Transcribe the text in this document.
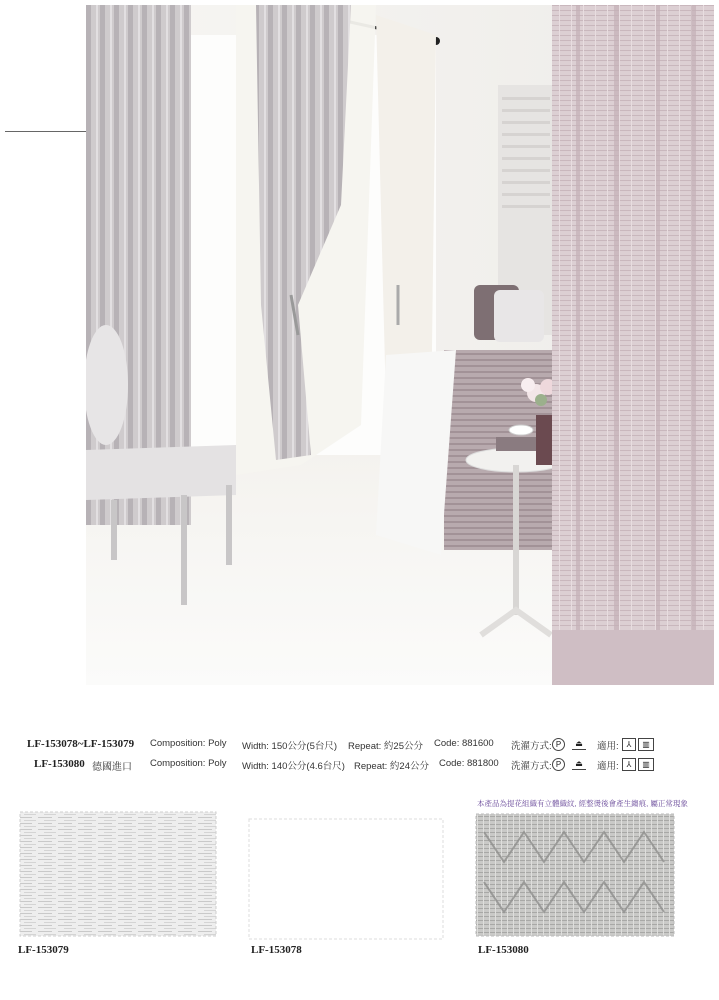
LF-153078~LF-153079 Composition: Poly Width: 150公分(5台尺) Repeat: 約25公分 Code: 881600 洗濯方式: P	⏏	適用: ⅄	▥
LF-153080 德國進口 Composition: Poly Width: 140公分(4.6台尺) Repeat: 約24公分 Code: 881800 洗濯方式: P	⏏	適用: ⅄	▥
LF-153079	LF-153078
本產品為提花組織有立體織紋, 經整燙後會產生縐痕, 屬正常現象
LF-153080
